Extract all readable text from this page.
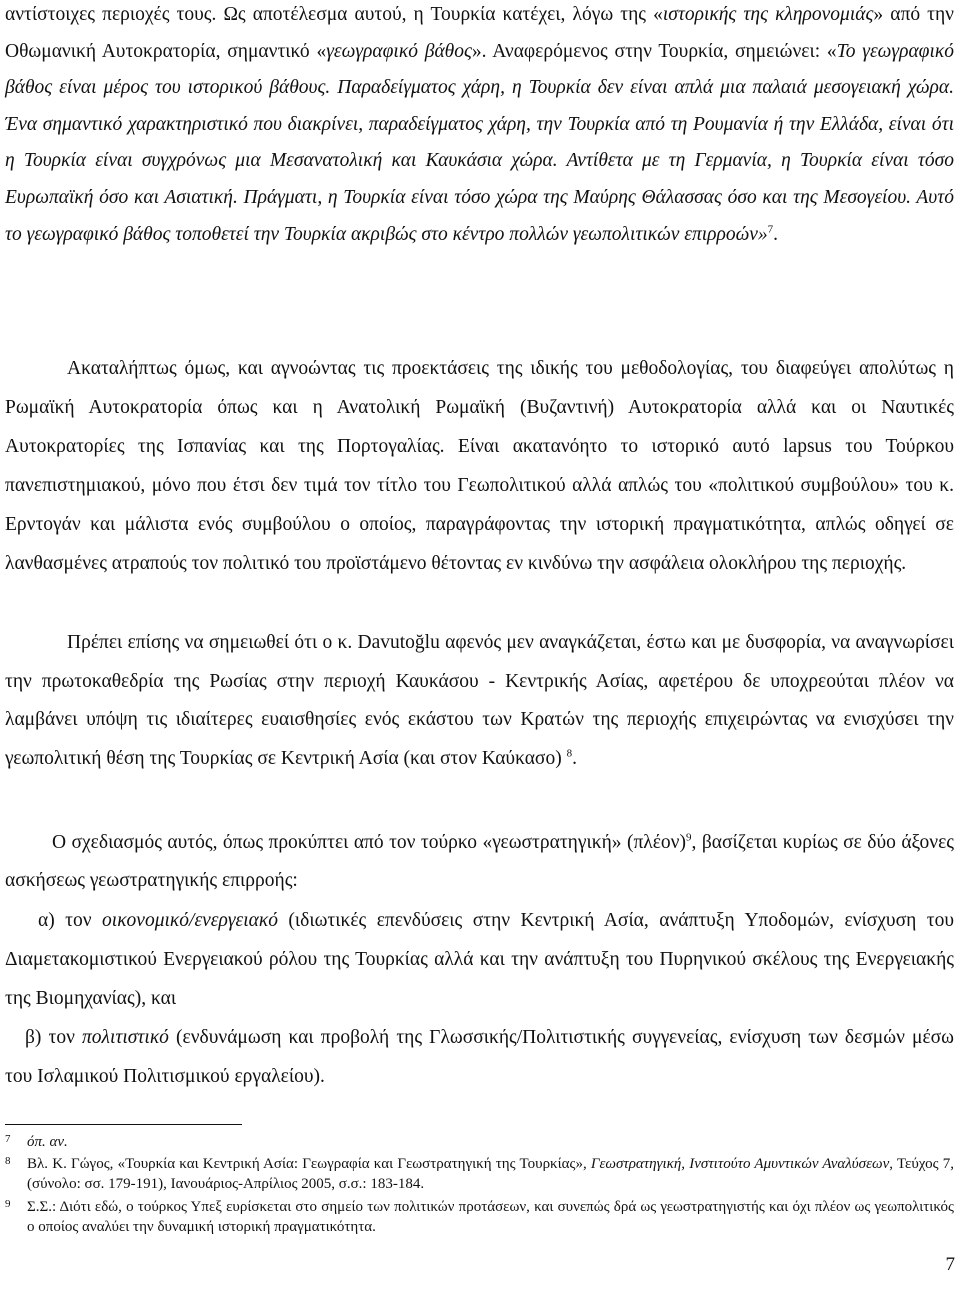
αντίστοιχες περιοχές τους. Ως αποτέλεσμα αυτού, η Τουρκία κατέχει, λόγω της «ιστορικής της κληρονομιάς» από την Οθωμανική Αυτοκρατορία, σημαντικό «γεωγραφικό βάθος». Αναφερόμενος στην Τουρκία, σημειώνει: «Το γεωγραφικό βάθος είναι μέρος του ιστορικού βάθους. Παραδείγματος χάρη, η Τουρκία δεν είναι απλά μια παλαιά μεσογειακή χώρα. Ένα σημαντικό χαρακτηριστικό που διακρίνει, παραδείγματος χάρη, την Τουρκία από τη Ρουμανία ή την Ελλάδα, είναι ότι η Τουρκία είναι συγχρόνως μια Μεσανατολική και Καυκάσια χώρα. Αντίθετα με τη Γερμανία, η Τουρκία είναι τόσο Ευρωπαϊκή όσο και Ασιατική. Πράγματι, η Τουρκία είναι τόσο χώρα της Μαύρης Θάλασσας όσο και της Μεσογείου. Αυτό το γεωγραφικό βάθος τοποθετεί την Τουρκία ακριβώς στο κέντρο πολλών γεωπολιτικών επιρροών»$^7$.

Ακαταλήπτως όμως, και αγνοώντας τις προεκτάσεις της ιδικής του μεθοδολογίας, του διαφεύγει απολύτως η Ρωμαϊκή Αυτοκρατορία όπως και η Ανατολική Ρωμαϊκή (Βυζαντινή) Αυτοκρατορία αλλά και οι Ναυτικές Αυτοκρατορίες της Ισπανίας και της Πορτογαλίας. Είναι ακατανόητο το ιστορικό αυτό lapsus του Τούρκου πανεπιστημιακού, μόνο που έτσι δεν τιμά τον τίτλο του Γεωπολιτικού αλλά απλώς του «πολιτικού συμβούλου» του κ. Ερντογάν και μάλιστα ενός συμβούλου ο οποίος, παραγράφοντας την ιστορική πραγματικότητα, απλώς οδηγεί σε λανθασμένες ατραπούς τον πολιτικό του προϊστάμενο θέτοντας εν κινδύνω την ασφάλεια ολοκλήρου της περιοχής.

Πρέπει επίσης να σημειωθεί ότι ο κ. Davutoğlu αφενός μεν αναγκάζεται, έστω και με δυσφορία, να αναγνωρίσει την πρωτοκαθεδρία της Ρωσίας στην περιοχή Καυκάσου - Κεντρικής Ασίας, αφετέρου δε υποχρεούται πλέον να λαμβάνει υπόψη τις ιδιαίτερες ευαισθησίες ενός εκάστου των Κρατών της περιοχής επιχειρώντας να ενισχύσει την γεωπολιτική θέση της Τουρκίας σε Κεντρική Ασία (και στον Καύκασο) $^8$.

Ο σχεδιασμός αυτός, όπως προκύπτει από τον τούρκο «γεωστρατηγική» $(\pi\lambda έo\nu)^9$, βασίζεται κυρίως σε δύο άξονες ασκήσεως γεωστρατηγικής επιρροής:

α) τον οικονομικό/ενεργειακό (ιδιωτικές επενδύσεις στην Κεντρική Ασία, ανάπτυξη Υποδομών, ενίσχυση του Διαμετακομιστικού Ενεργειακού ρόλου της Τουρκίας αλλά και την ανάπτυξη του Πυρηνικού σκέλους της Ενεργειακής της Βιομηχανίας), και

β) τον πολιτιστικό (ενδυνάμωση και προβολή της Γλωσσικής/Πολιτιστικής συγγενείας, ενίσχυση των δεσμών μέσω του Ισλαμικού Πολιτισμικού εργαλείου).

7	όπ. αν.
8	Βλ. Κ. Γώγος, «Τουρκία και Κεντρική Ασία: Γεωγραφία και Γεωστρατηγική της Τουρκίας», Γεωστρατηγική, Ινστιτούτο Αμυντικών Αναλύσεων, Τεύχος 7, (σύνολο: σσ. 179-191), Ιανουάριος-Απρίλιος 2005, σ.σ.: 183-184.
9	Σ.Σ.: Διότι εδώ, ο τούρκος Υπεξ ευρίσκεται στο σημείο των πολιτικών προτάσεων, και συνεπώς δρά ως γεωστρατηγιστής και όχι πλέον ως γεωπολιτικός ο οποίος αναλύει την δυναμική ιστορική πραγματικότητα.
7
